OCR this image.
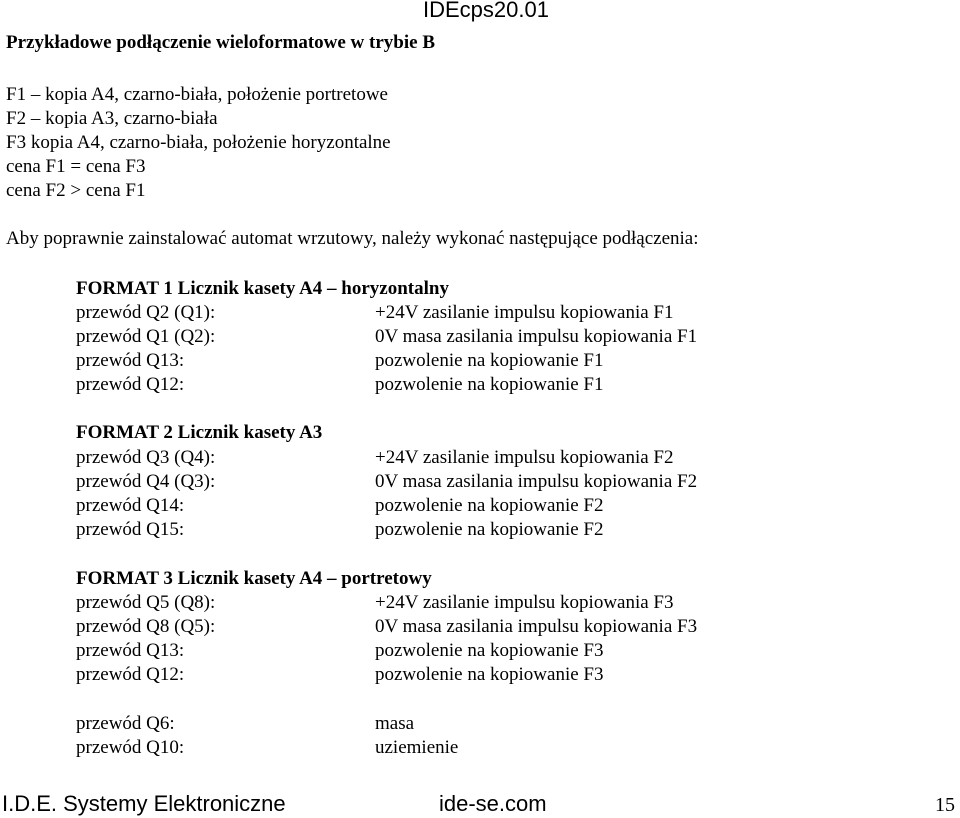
IDEcps20.01
Przykładowe podłączenie wieloformatowe w trybie B
F1 – kopia A4, czarno-biała, położenie portretowe
F2 – kopia A3, czarno-biała
F3 kopia A4, czarno-biała, położenie horyzontalne
cena F1 = cena F3
cena F2 > cena F1
Aby poprawnie zainstalować automat wrzutowy, należy wykonać następujące podłączenia:
FORMAT 1 Licznik kasety A4 – horyzontalny
przewód Q2 (Q1):	+24V zasilanie impulsu kopiowania F1
przewód Q1 (Q2):	0V masa zasilania impulsu kopiowania F1
przewód Q13:	pozwolenie na kopiowanie F1
przewód Q12:	pozwolenie na kopiowanie F1
FORMAT 2 Licznik kasety A3
przewód Q3 (Q4):	+24V zasilanie impulsu kopiowania F2
przewód Q4 (Q3):	0V masa zasilania impulsu kopiowania F2
przewód Q14:	pozwolenie na kopiowanie F2
przewód Q15:	pozwolenie na kopiowanie F2
FORMAT 3 Licznik kasety A4 – portretowy
przewód Q5 (Q8):	+24V zasilanie impulsu kopiowania F3
przewód Q8 (Q5):	0V masa zasilania impulsu kopiowania F3
przewód Q13:	pozwolenie na kopiowanie F3
przewód Q12:	pozwolenie na kopiowanie F3
przewód Q6:	masa
przewód Q10:	uziemienie
I.D.E. Systemy Elektroniczne	ide-se.com	15
